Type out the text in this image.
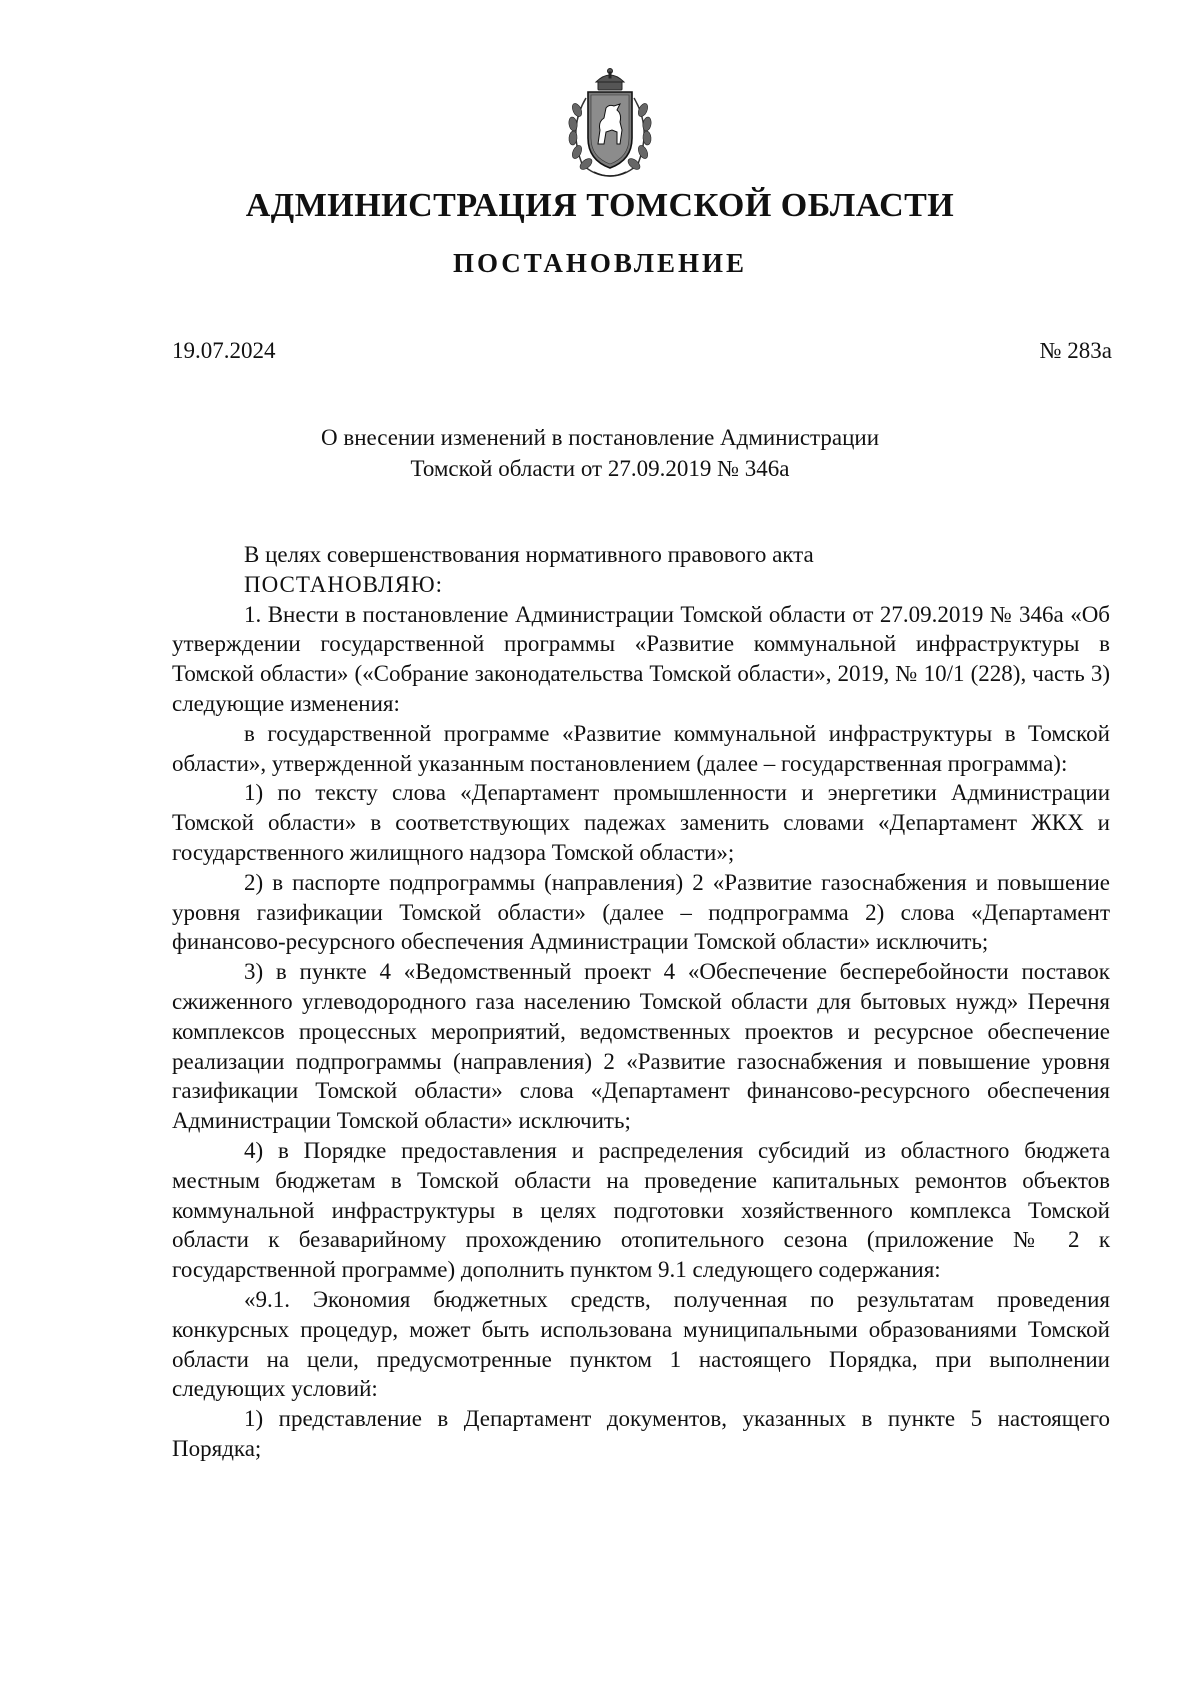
АДМИНИСТРАЦИЯ ТОМСКОЙ ОБЛАСТИ
ПОСТАНОВЛЕНИЕ
19.07.2024	№ 283а
О внесении изменений в постановление Администрации
Томской области от 27.09.2019 № 346а

В целях совершенствования нормативного правового акта

ПОСТАНОВЛЯЮ:

1. Внести в постановление Администрации Томской области от 27.09.2019 № 346а «Об утверждении государственной программы «Развитие коммунальной инфраструктуры в Томской области» («Собрание законодательства Томской области», 2019, № 10/1 (228), часть 3) следующие изменения:

в государственной программе «Развитие коммунальной инфраструктуры в Томской области», утвержденной указанным постановлением (далее – государственная программа):

1) по тексту слова «Департамент промышленности и энергетики Администрации Томской области» в соответствующих падежах заменить словами «Департамент ЖКХ и государственного жилищного надзора Томской области»;

2) в паспорте подпрограммы (направления) 2 «Развитие газоснабжения и повышение уровня газификации Томской области» (далее – подпрограмма 2) слова «Департамент финансово-ресурсного обеспечения Администрации Томской области» исключить;

3) в пункте 4 «Ведомственный проект 4 «Обеспечение бесперебойности поставок сжиженного углеводородного газа населению Томской области для бытовых нужд» Перечня комплексов процессных мероприятий, ведомственных проектов и ресурсное обеспечение реализации подпрограммы (направления) 2 «Развитие газоснабжения и повышение уровня газификации Томской области» слова «Департамент финансово-ресурсного обеспечения Администрации Томской области» исключить;

4) в Порядке предоставления и распределения субсидий из областного бюджета местным бюджетам в Томской области на проведение капитальных ремонтов объектов коммунальной инфраструктуры в целях подготовки хозяйственного комплекса Томской области к безаварийному прохождению отопительного сезона (приложение № 2 к государственной программе) дополнить пунктом 9.1 следующего содержания:

«9.1. Экономия бюджетных средств, полученная по результатам проведения конкурсных процедур, может быть использована муниципальными образованиями Томской области на цели, предусмотренные пунктом 1 настоящего Порядка, при выполнении следующих условий:

1) представление в Департамент документов, указанных в пункте 5 настоящего Порядка;
